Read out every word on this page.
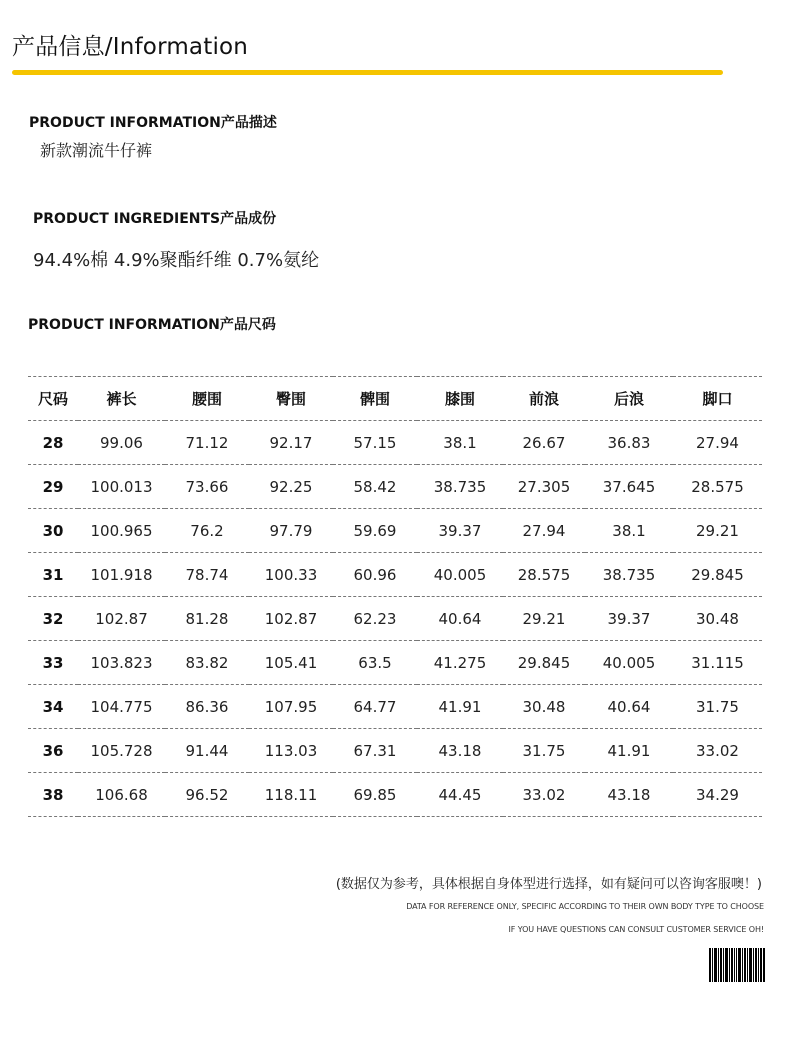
产品信息/Information
PRODUCT INFORMATION产品描述
新款潮流牛仔裤
PRODUCT INGREDIENTS产品成份
94.4%棉 4.9%聚酯纤维 0.7%氨纶
PRODUCT INFORMATION产品尺码
尺码	裤长	腰围	臀围	髀围	膝围	前浪	后浪	脚口
28	99.06	71.12	92.17	57.15	38.1	26.67	36.83	27.94
29	100.013	73.66	92.25	58.42	38.735	27.305	37.645	28.575
30	100.965	76.2	97.79	59.69	39.37	27.94	38.1	29.21
31	101.918	78.74	100.33	60.96	40.005	28.575	38.735	29.845
32	102.87	81.28	102.87	62.23	40.64	29.21	39.37	30.48
33	103.823	83.82	105.41	63.5	41.275	29.845	40.005	31.115
34	104.775	86.36	107.95	64.77	41.91	30.48	40.64	31.75
36	105.728	91.44	113.03	67.31	43.18	31.75	41.91	33.02
38	106.68	96.52	118.11	69.85	44.45	33.02	43.18	34.29
(数据仅为参考，具体根据自身体型进行选择，如有疑问可以咨询客服噢！)
DATA FOR REFERENCE ONLY, SPECIFIC ACCORDING TO THEIR OWN BODY TYPE TO CHOOSE
IF YOU HAVE QUESTIONS CAN CONSULT CUSTOMER SERVICE OH!
